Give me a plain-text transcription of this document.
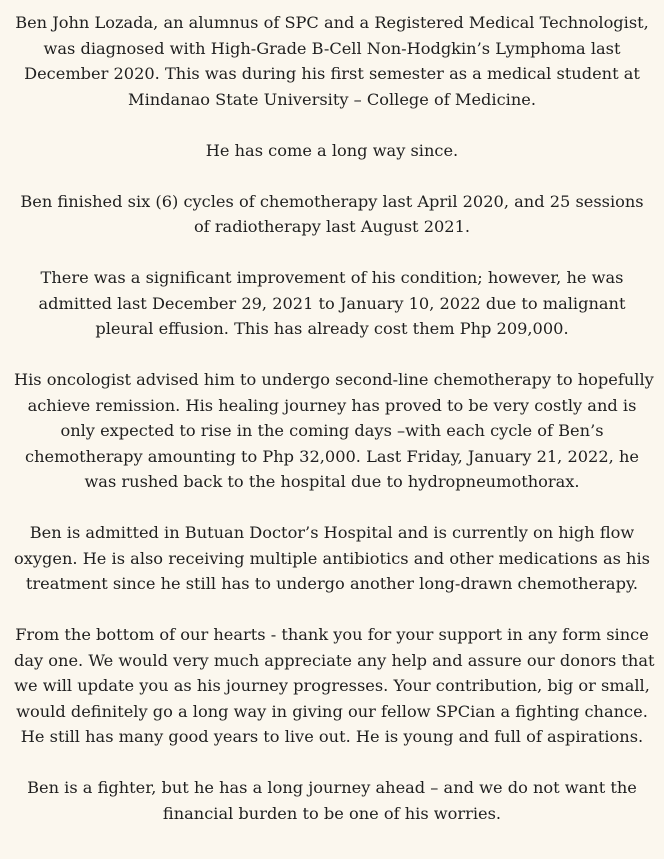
Ben John Lozada, an alumnus of SPC and a Registered Medical Technologist,
was diagnosed with High-Grade B-Cell Non-Hodgkin’s Lymphoma last
December 2020. This was during his first semester as a medical student at
Mindanao State University – College of Medicine.
He has come a long way since.
Ben finished six (6) cycles of chemotherapy last April 2020, and 25 sessions
of radiotherapy last August 2021.
There was a significant improvement of his condition; however, he was
admitted last December 29, 2021 to January 10, 2022 due to malignant
pleural effusion. This has already cost them Php 209,000.
His oncologist advised him to undergo second-line chemotherapy to hopefully
achieve remission. His healing journey has proved to be very costly and is
only expected to rise in the coming days –with each cycle of Ben’s
chemotherapy amounting to Php 32,000. Last Friday, January 21, 2022, he
was rushed back to the hospital due to hydropneumothorax.
Ben is admitted in Butuan Doctor’s Hospital and is currently on high flow
oxygen. He is also receiving multiple antibiotics and other medications as his
treatment since he still has to undergo another long-drawn chemotherapy.
From the bottom of our hearts - thank you for your support in any form since
day one. We would very much appreciate any help and assure our donors that
we will update you as his journey progresses. Your contribution, big or small,
would definitely go a long way in giving our fellow SPCian a fighting chance.
He still has many good years to live out. He is young and full of aspirations.
Ben is a fighter, but he has a long journey ahead – and we do not want the
financial burden to be one of his worries.
